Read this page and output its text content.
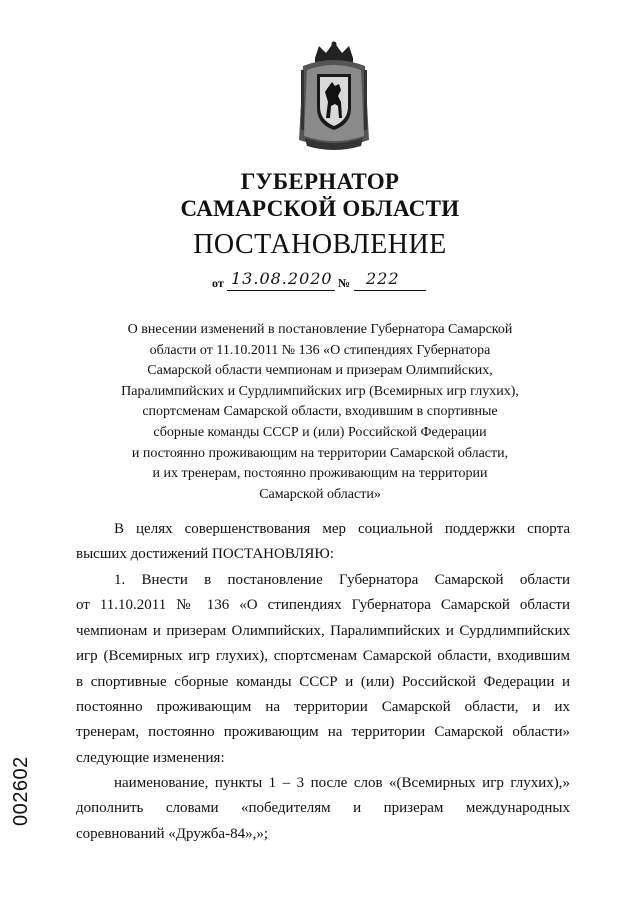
ГУБЕРНАТОР
САМАРСКОЙ ОБЛАСТИ
ПОСТАНОВЛЕНИЕ
от 13.08.2020 № 222
О внесении изменений в постановление Губернатора Самарской
области от 11.10.2011 № 136 «О стипендиях Губернатора
Самарской области чемпионам и призерам Олимпийских,
Паралимпийских и Сурдлимпийских игр (Всемирных игр глухих),
спортсменам Самарской области, входившим в спортивные
сборные команды СССР и (или) Российской Федерации
и постоянно проживающим на территории Самарской области,
и их тренерам, постоянно проживающим на территории
Самарской области»
В целях совершенствования мер социальной поддержки спорта
высших достижений ПОСТАНОВЛЯЮ:
1. Внести в постановление Губернатора Самарской области
от 11.10.2011 № 136 «О стипендиях Губернатора Самарской области
чемпионам и призерам Олимпийских, Паралимпийских и Сурдлимпийских
игр (Всемирных игр глухих), спортсменам Самарской области, входившим
в спортивные сборные команды СССР и (или) Российской Федерации и
постоянно проживающим на территории Самарской области, и их
тренерам, постоянно проживающим на территории Самарской области»
следующие изменения:
наименование, пункты 1 – 3 после слов «(Всемирных игр глухих),»
дополнить словами «победителям и призерам международных
соревнований «Дружба-84»,»;
002602
